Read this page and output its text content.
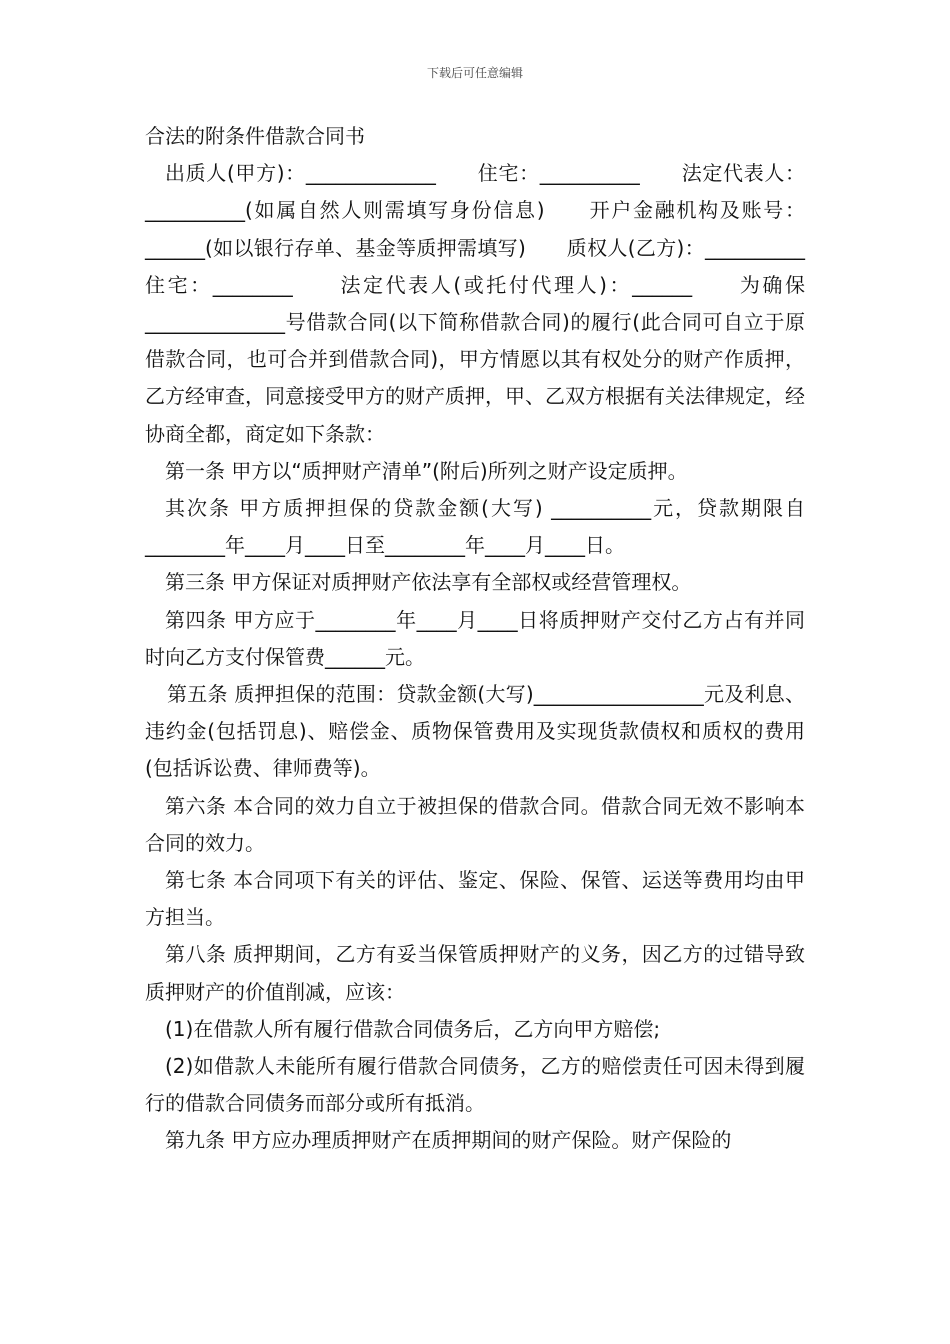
下载后可任意编辑

合法的附条件借款合同书

出质人(甲方)：_____________　　住宅：__________　　法定代表人：__________(如属自然人则需填写身份信息)　　开户金融机构及账号：______(如以银行存单、基金等质押需填写)　　质权人(乙方)：__________　　住宅：________　　法定代表人(或托付代理人)：______　　为确保______________号借款合同(以下简称借款合同)的履行(此合同可自立于原借款合同，也可合并到借款合同)，甲方情愿以其有权处分的财产作质押，乙方经审查，同意接受甲方的财产质押，甲、乙双方根据有关法律规定，经协商全都，商定如下条款：

第一条 甲方以“质押财产清单”(附后)所列之财产设定质押。

其次条 甲方质押担保的贷款金额(大写) __________元，贷款期限自________年____月____日至________年____月____日。

第三条 甲方保证对质押财产依法享有全部权或经营管理权。

第四条 甲方应于________年____月____日将质押财产交付乙方占有并同时向乙方支付保管费______元。

第五条 质押担保的范围：贷款金额(大写)_________________元及利息、违约金(包括罚息)、赔偿金、质物保管费用及实现货款债权和质权的费用(包括诉讼费、律师费等)。

第六条 本合同的效力自立于被担保的借款合同。借款合同无效不影响本合同的效力。

第七条 本合同项下有关的评估、鉴定、保险、保管、运送等费用均由甲方担当。

第八条 质押期间，乙方有妥当保管质押财产的义务，因乙方的过错导致质押财产的价值削减，应该：

(1)在借款人所有履行借款合同债务后，乙方向甲方赔偿;

(2)如借款人未能所有履行借款合同债务，乙方的赔偿责任可因未得到履行的借款合同债务而部分或所有抵消。

第九条 甲方应办理质押财产在质押期间的财产保险。财产保险的
